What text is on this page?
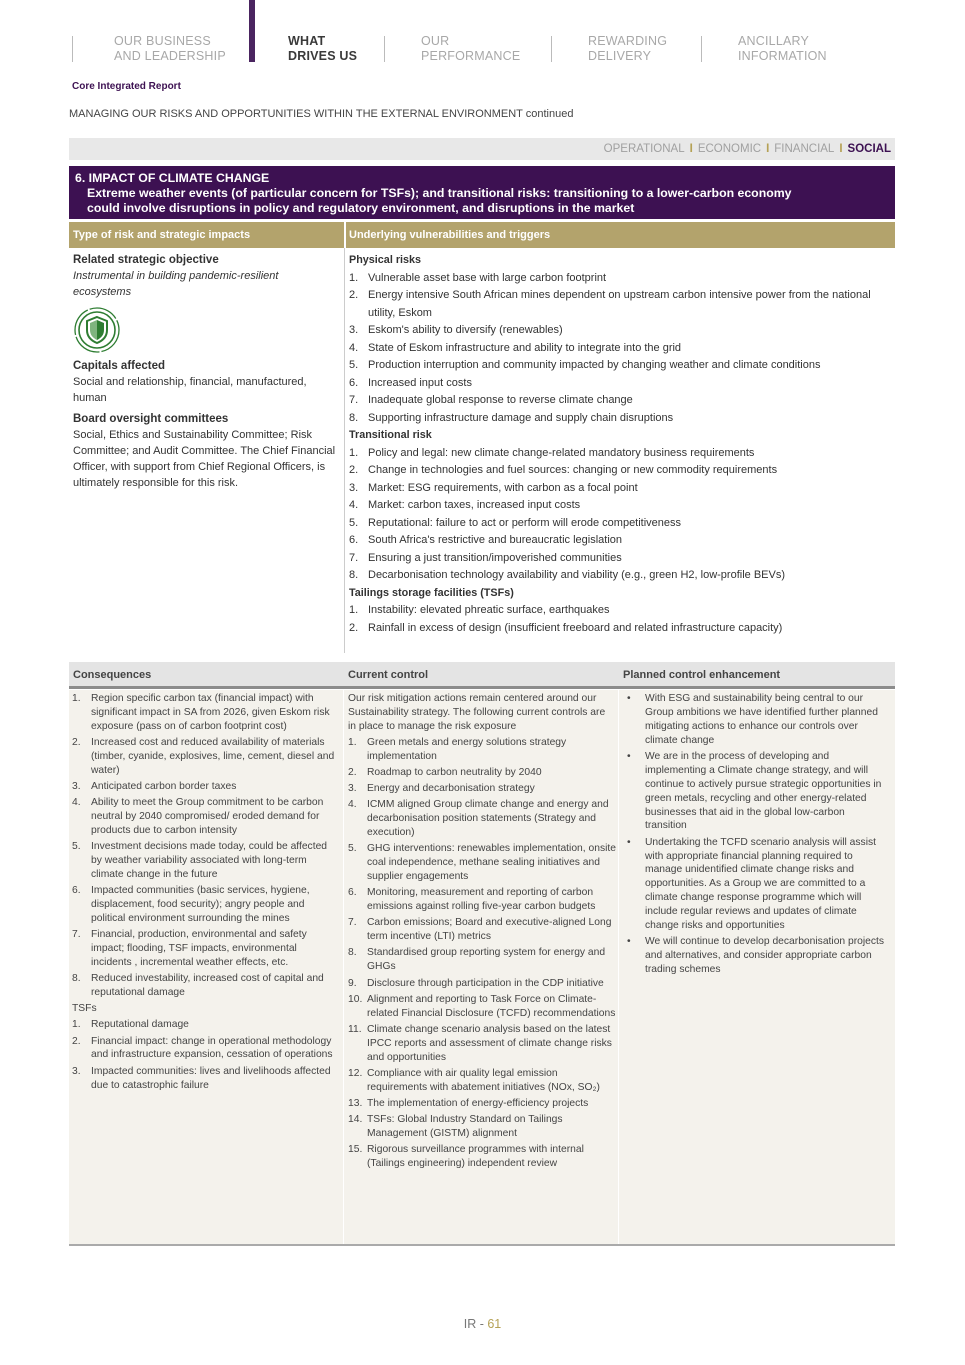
OUR BUSINESS
AND LEADERSHIP
WHAT
DRIVES US
OUR
PERFORMANCE
REWARDING
DELIVERY
ANCILLARY
INFORMATION
Core Integrated Report
MANAGING OUR RISKS AND OPPORTUNITIES WITHIN THE EXTERNAL ENVIRONMENT continued
OPERATIONAL I ECONOMIC I FINANCIAL I SOCIAL
6. IMPACT OF CLIMATE CHANGE
Extreme weather events (of particular concern for TSFs); and transitional risks: transitioning to a lower-carbon economy
could involve disruptions in policy and regulatory environment, and disruptions in the market
Type of risk and strategic impacts	Underlying vulnerabilities and triggers
Related strategic objective
Instrumental in building pandemic-resilient ecosystems
Capitals affected
Social and relationship, financial, manufactured, human
Board oversight committees
Social, Ethics and Sustainability Committee; Risk Committee; and Audit Committee. The Chief Financial Officer, with support from Chief Regional Officers, is ultimately responsible for this risk.
Physical risks
1. Vulnerable asset base with large carbon footprint
2. Energy intensive South African mines dependent on upstream carbon intensive power from the national utility, Eskom
3. Eskom's ability to diversify (renewables)
4. State of Eskom infrastructure and ability to integrate into the grid
5. Production interruption and community impacted by changing weather and climate conditions
6. Increased input costs
7. Inadequate global response to reverse climate change
8. Supporting infrastructure damage and supply chain disruptions
Transitional risk
1. Policy and legal: new climate change-related mandatory business requirements
2. Change in technologies and fuel sources: changing or new commodity requirements
3. Market: ESG requirements, with carbon as a focal point
4. Market: carbon taxes, increased input costs
5. Reputational: failure to act or perform will erode competitiveness
6. South Africa's restrictive and bureaucratic legislation
7. Ensuring a just transition/impoverished communities
8. Decarbonisation technology availability and viability (e.g., green H2, low-profile BEVs)
Tailings storage facilities (TSFs)
1. Instability: elevated phreatic surface, earthquakes
2. Rainfall in excess of design (insufficient freeboard and related infrastructure capacity)
Consequences	Current control	Planned control enhancement
1. Region specific carbon tax (financial impact) with significant impact in SA from 2026, given Eskom risk exposure (pass on of carbon footprint cost)
2. Increased cost and reduced availability of materials (timber, cyanide, explosives, lime, cement, diesel and water)
3. Anticipated carbon border taxes
4. Ability to meet the Group commitment to be carbon neutral by 2040 compromised/ eroded demand for products due to carbon intensity
5. Investment decisions made today, could be affected by weather variability associated with long-term climate change in the future
6. Impacted communities (basic services, hygiene, displacement, food security); angry people and political environment surrounding the mines
7. Financial, production, environmental and safety impact; flooding, TSF impacts, environmental incidents , incremental weather effects, etc.
8. Reduced investability, increased cost of capital and reputational damage
TSFs
1. Reputational damage
2. Financial impact: change in operational methodology and infrastructure expansion, cessation of operations
3. Impacted communities: lives and livelihoods affected due to catastrophic failure
Our risk mitigation actions remain centered around our Sustainability strategy. The following current controls are in place to manage the risk exposure
1. Green metals and energy solutions strategy implementation
2. Roadmap to carbon neutrality by 2040
3. Energy and decarbonisation strategy
4. ICMM aligned Group climate change and energy and decarbonisation position statements (Strategy and execution)
5. GHG interventions: renewables implementation, onsite coal independence, methane sealing initiatives and supplier engagements
6. Monitoring, measurement and reporting of carbon emissions against rolling five-year carbon budgets
7. Carbon emissions; Board and executive-aligned Long term incentive (LTI) metrics
8. Standardised group reporting system for energy and GHGs
9. Disclosure through participation in the CDP initiative
10. Alignment and reporting to Task Force on Climate-related Financial Disclosure (TCFD) recommendations
11. Climate change scenario analysis based on the latest IPCC reports and assessment of climate change risks and opportunities
12. Compliance with air quality legal emission requirements with abatement initiatives (NOx, SO₂)
13. The implementation of energy-efficiency projects
14. TSFs: Global Industry Standard on Tailings Management (GISTM) alignment
15. Rigorous surveillance programmes with internal (Tailings engineering) independent review
• With ESG and sustainability being central to our Group ambitions we have identified further planned mitigating actions to enhance our controls over climate change
• We are in the process of developing and implementing a Climate change strategy, and will continue to actively pursue strategic opportunities in green metals, recycling and other energy-related businesses that aid in the global low-carbon transition
• Undertaking the TCFD scenario analysis will assist with appropriate financial planning required to manage unidentified climate change risks and opportunities. As a Group we are committed to a climate change response programme which will include regular reviews and updates of climate change risks and opportunities
• We will continue to develop decarbonisation projects and alternatives, and consider appropriate carbon trading schemes
IR - 61
